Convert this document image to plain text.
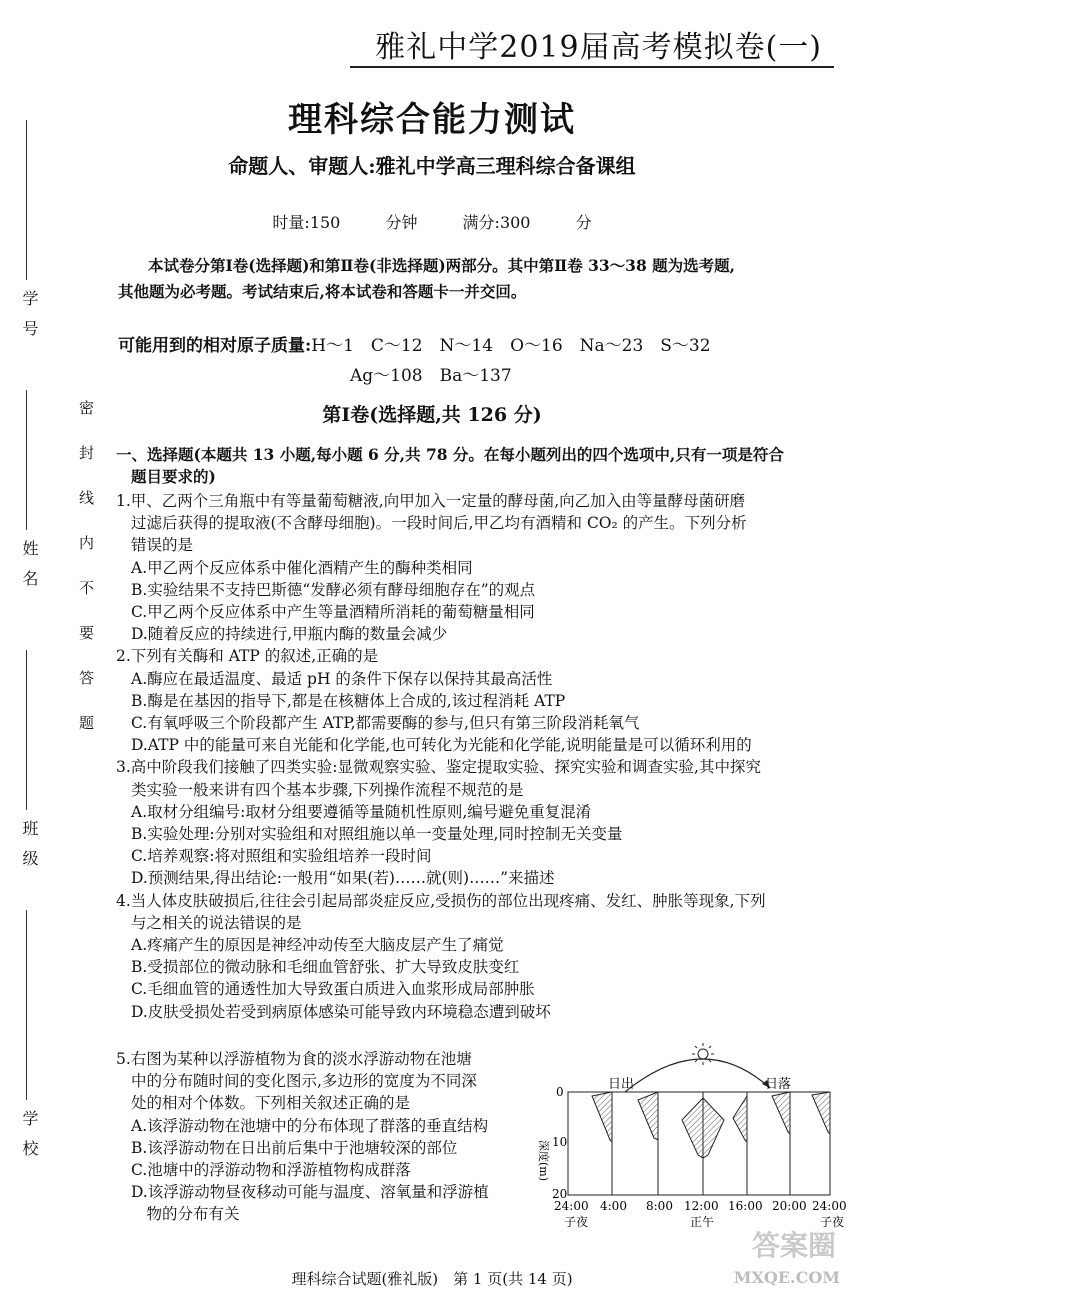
雅礼中学2019届高考模拟卷(一)
理科综合能力测试
命题人、审题人:雅礼中学高三理科综合备课组
时量:150 分钟	满分:300 分
本试卷分第Ⅰ卷(选择题)和第Ⅱ卷(非选择题)两部分。其中第Ⅱ卷 33～38 题为选考题,
其他题为必考题。考试结束后,将本试卷和答题卡一并交回。
可能用到的相对原子质量:H～1　C～12　N～14　O～16　Na～23　S～32
Ag～108　Ba～137
第Ⅰ卷(选择题,共 126 分)
一、选择题(本题共 13 小题,每小题 6 分,共 78 分。在每小题列出的四个选项中,只有一项是符合
题目要求的)
1.甲、乙两个三角瓶中有等量葡萄糖液,向甲加入一定量的酵母菌,向乙加入由等量酵母菌研磨
过滤后获得的提取液(不含酵母细胞)。一段时间后,甲乙均有酒精和 CO₂ 的产生。下列分析
错误的是
A.甲乙两个反应体系中催化酒精产生的酶种类相同
B.实验结果不支持巴斯德“发酵必须有酵母细胞存在”的观点
C.甲乙两个反应体系中产生等量酒精所消耗的葡萄糖量相同
D.随着反应的持续进行,甲瓶内酶的数量会减少
2.下列有关酶和 ATP 的叙述,正确的是
A.酶应在最适温度、最适 pH 的条件下保存以保持其最高活性
B.酶是在基因的指导下,都是在核糖体上合成的,该过程消耗 ATP
C.有氧呼吸三个阶段都产生 ATP,都需要酶的参与,但只有第三阶段消耗氧气
D.ATP 中的能量可来自光能和化学能,也可转化为光能和化学能,说明能量是可以循环利用的
3.高中阶段我们接触了四类实验:显微观察实验、鉴定提取实验、探究实验和调查实验,其中探究
类实验一般来讲有四个基本步骤,下列操作流程不规范的是
A.取材分组编号:取材分组要遵循等量随机性原则,编号避免重复混淆
B.实验处理:分别对实验组和对照组施以单一变量处理,同时控制无关变量
C.培养观察:将对照组和实验组培养一段时间
D.预测结果,得出结论:一般用“如果(若)……就(则)……”来描述
4.当人体皮肤破损后,往往会引起局部炎症反应,受损伤的部位出现疼痛、发红、肿胀等现象,下列
与之相关的说法错误的是
A.疼痛产生的原因是神经冲动传至大脑皮层产生了痛觉
B.受损部位的微动脉和毛细血管舒张、扩大导致皮肤变红
C.毛细血管的通透性加大导致蛋白质进入血浆形成局部肿胀
D.皮肤受损处若受到病原体感染可能导致内环境稳态遭到破坏
5.右图为某种以浮游植物为食的淡水浮游动物在池塘
中的分布随时间的变化图示,多边形的宽度为不同深
处的相对个体数。下列相关叙述正确的是
A.该浮游动物在池塘中的分布体现了群落的垂直结构
B.该浮游动物在日出前后集中于池塘较深的部位
C.池塘中的浮游动物和浮游植物构成群落
D.该浮游动物昼夜移动可能与温度、溶氧量和浮游植
　物的分布有关
日出	日落
深度(m)
0
10
20
24:00 4:00 8:00 12:00 16:00 20:00 24:00
子夜	正午	子夜
学号
姓名
班级
学校
密封线内不要答题
理科综合试题(雅礼版)　第 1 页(共 14 页)
答案圈
MXQE.COM
